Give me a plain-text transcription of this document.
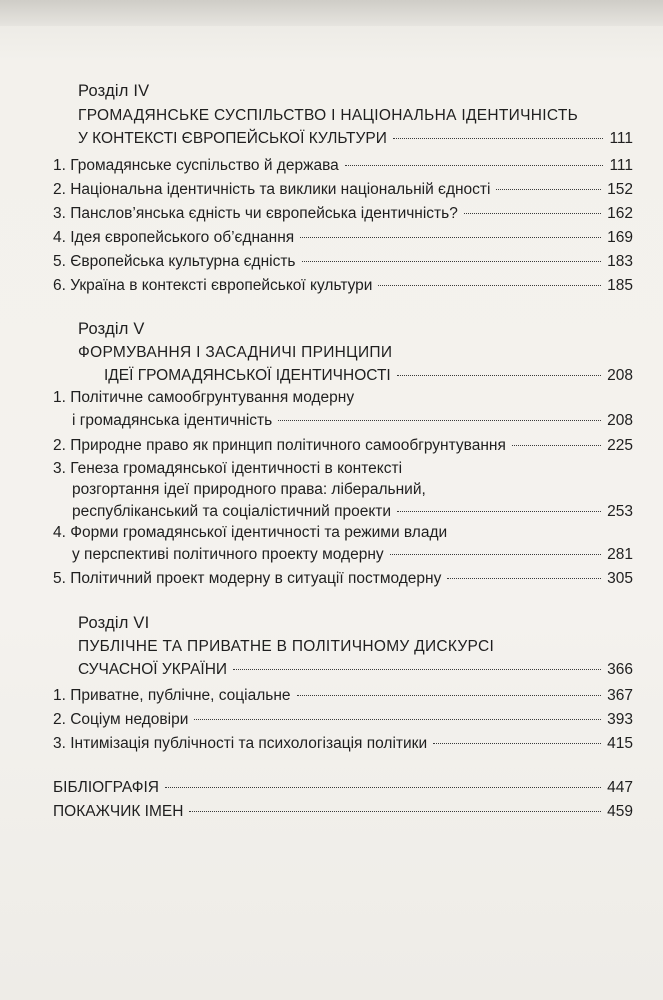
Розділ IV
ГРОМАДЯНСЬКЕ СУСПІЛЬСТВО І НАЦІОНАЛЬНА ІДЕНТИЧНІСТЬ
У КОНТЕКСТІ ЄВРОПЕЙСЬКОЇ КУЛЬТУРИ	111
1. Громадянське суспільство й держава	111
2. Національна ідентичність та виклики національній єдності	152
3. Панслов’янська єдність чи європейська ідентичність?	162
4. Ідея європейського об’єднання	169
5. Європейська культурна єдність	183
6. Україна в контексті європейської культури	185
Розділ V
ФОРМУВАННЯ І ЗАСАДНИЧІ ПРИНЦИПИ
ІДЕЇ ГРОМАДЯНСЬКОЇ ІДЕНТИЧНОСТІ	208
1. Політичне самообгрунтування модерну
і громадянська ідентичність	208
2. Природне право як принцип політичного самообгрунтування	225
3. Генеза громадянської ідентичності в контексті
розгортання ідеї природного права: ліберальний,
республіканський та соціалістичний проекти	253
4. Форми громадянської ідентичності та режими влади
у перспективі політичного проекту модерну	281
5. Політичний проект модерну в ситуації постмодерну	305
Розділ VI
ПУБЛІЧНЕ ТА ПРИВАТНЕ В ПОЛІТИЧНОМУ ДИСКУРСІ
СУЧАСНОЇ УКРАЇНИ	366
1. Приватне, публічне, соціальне	367
2. Соціум недовіри	393
3. Інтимізація публічності та психологізація політики	415
БІБЛІОГРАФІЯ	447
ПОКАЖЧИК ІМЕН	459
